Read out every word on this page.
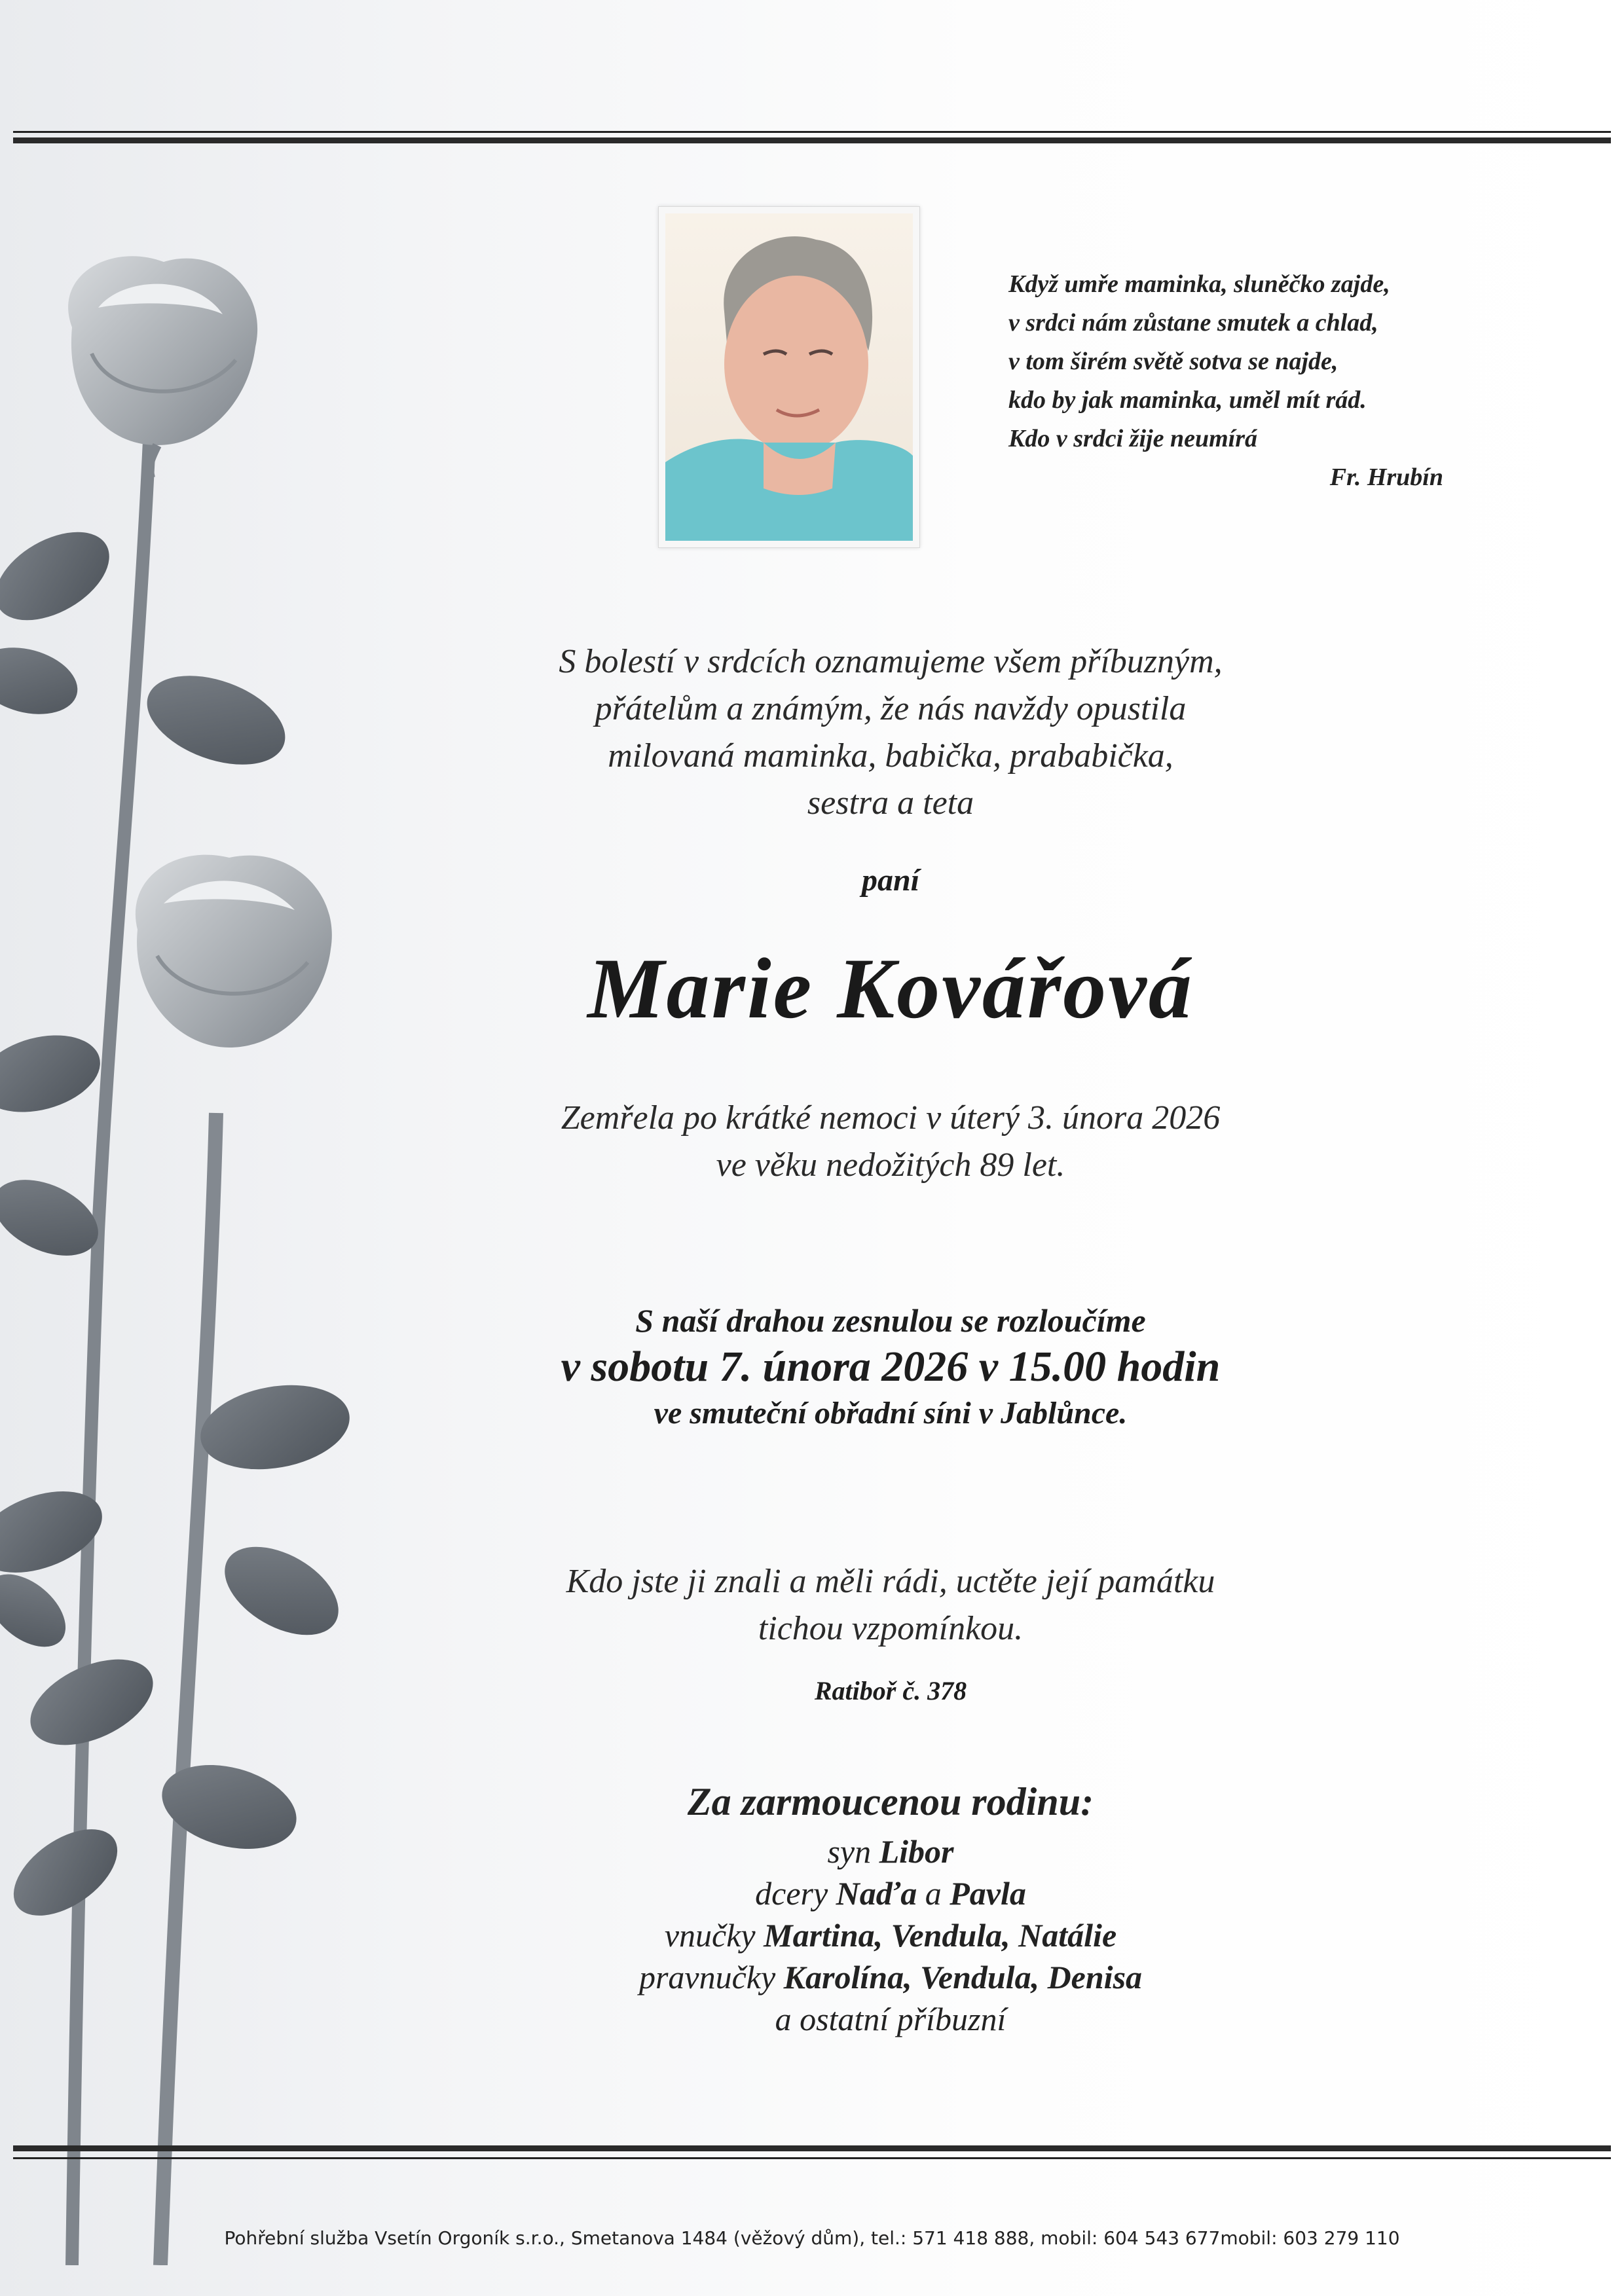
Když umře maminka, sluněčko zajde,
v srdci nám zůstane smutek a chlad,
v tom širém světě sotva se najde,
kdo by jak maminka, uměl mít rád.
Kdo v srdci žije neumírá
Fr. Hrubín
S bolestí v srdcích oznamujeme všem příbuzným,
přátelům a známým, že nás navždy opustila
milovaná maminka, babička, prababička,
sestra a teta
paní
Marie Kovářová
Zemřela po krátké nemoci v úterý 3. února 2026
ve věku nedožitých 89 let.
S naší drahou zesnulou se rozloučíme
v sobotu 7. února 2026 v 15.00 hodin
ve smuteční obřadní síni v Jablůnce.
Kdo jste ji znali a měli rádi, uctěte její památku
tichou vzpomínkou.
Ratiboř č. 378
Za zarmoucenou rodinu:
syn Libor
dcery Naďa a Pavla
vnučky Martina, Vendula, Natálie
pravnučky Karolína, Vendula, Denisa
a ostatní příbuzní
Pohřební služba Vsetín Orgoník s.r.o., Smetanova 1484 (věžový dům), tel.: 571 418 888, mobil: 604 543 677mobil: 603 279 110
